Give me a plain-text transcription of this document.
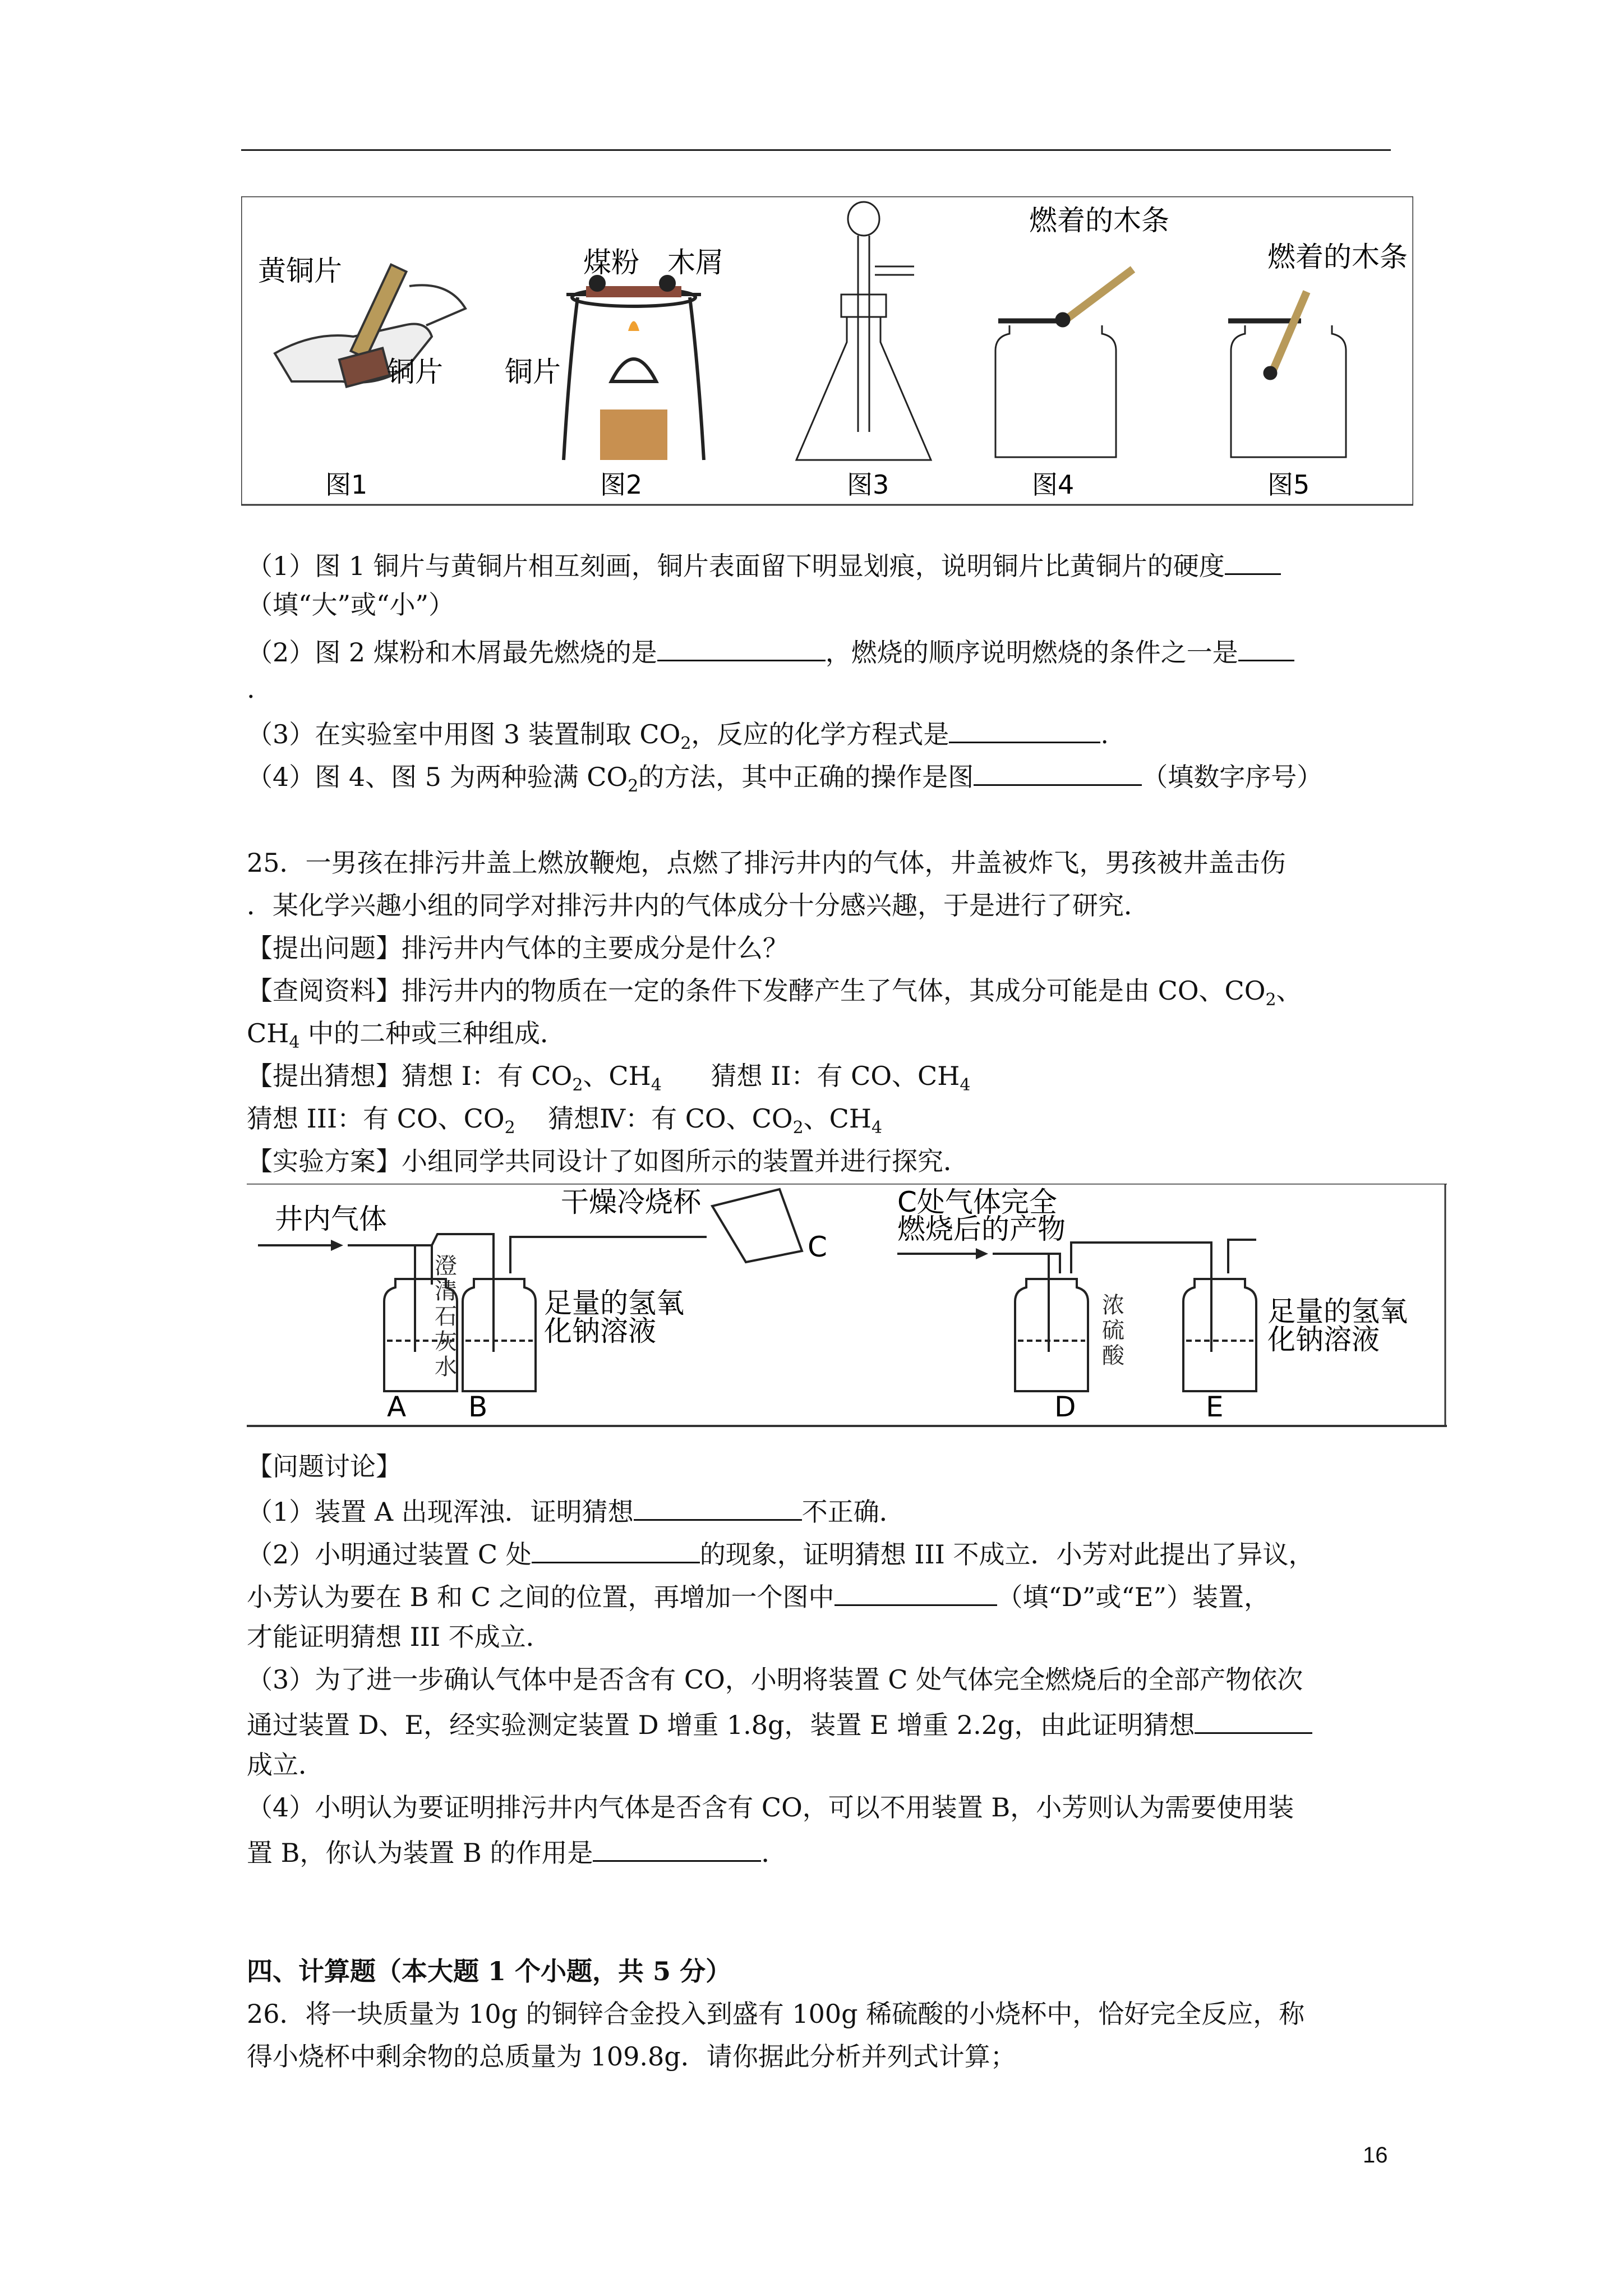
黄铜片
铜片
图1
煤粉 木屑
铜片
图2	图3
燃着的木条
图4
燃着的木条
图5
（1）图 1 铜片与黄铜片相互刻画，铜片表面留下明显划痕，说明铜片比黄铜片的硬度
（填“大”或“小”）
（2）图 2 煤粉和木屑最先燃烧的是	，燃烧的顺序说明燃烧的条件之一是
.
（3）在实验室中用图 3 装置制取 $CO_2$，反应的化学方程式是	.
（4）图 4、图 5 为两种验满 $CO_2$的方法，其中正确的操作是图	（填数字序号）
25．一男孩在排污井盖上燃放鞭炮，点燃了排污井内的气体，井盖被炸飞，男孩被井盖击伤
．某化学兴趣小组的同学对排污井内的气体成分十分感兴趣，于是进行了研究．
【提出问题】排污井内气体的主要成分是什么？
【查阅资料】排污井内的物质在一定的条件下发酵产生了气体，其成分可能是由 CO、$CO_2$、
$CH_4$ 中的二种或三种组成．
【提出猜想】猜想 I：有 $CO_2$、$CH_4$      猜想 II：有 CO、$CH_4$
猜想 III：有 CO、$CO_2$    猜想Ⅳ：有 CO、$CO_2$、$CH_4$
【实验方案】小组同学共同设计了如图所示的装置并进行探究．
井内气体
干燥冷烧杯
C
澄
清
石
灰
水
足量的氢氧
化钠溶液
A B
C处气体完全
燃烧后的产物
浓
硫
酸
足量的氢氧
化钠溶液
D	E
【问题讨论】
（1）装置 A 出现浑浊．证明猜想	不正确．
（2）小明通过装置 C 处	的现象，证明猜想 III 不成立．小芳对此提出了异议，
小芳认为要在 B 和 C 之间的位置，再增加一个图中	（填“D”或“E”）装置，
才能证明猜想 III 不成立．
（3）为了进一步确认气体中是否含有 CO，小明将装置 C 处气体完全燃烧后的全部产物依次
通过装置 D、E，经实验测定装置 D 增重 1.8g，装置 E 增重 2.2g，由此证明猜想
成立．
（4）小明认为要证明排污井内气体是否含有 CO，可以不用装置 B，小芳则认为需要使用装
置 B，你认为装置 B 的作用是	．
四、计算题（本大题 1 个小题，共 5 分）
26．将一块质量为 10g 的铜锌合金投入到盛有 100g 稀硫酸的小烧杯中，恰好完全反应，称
得小烧杯中剩余物的总质量为 109.8g．请你据此分析并列式计算；
16
